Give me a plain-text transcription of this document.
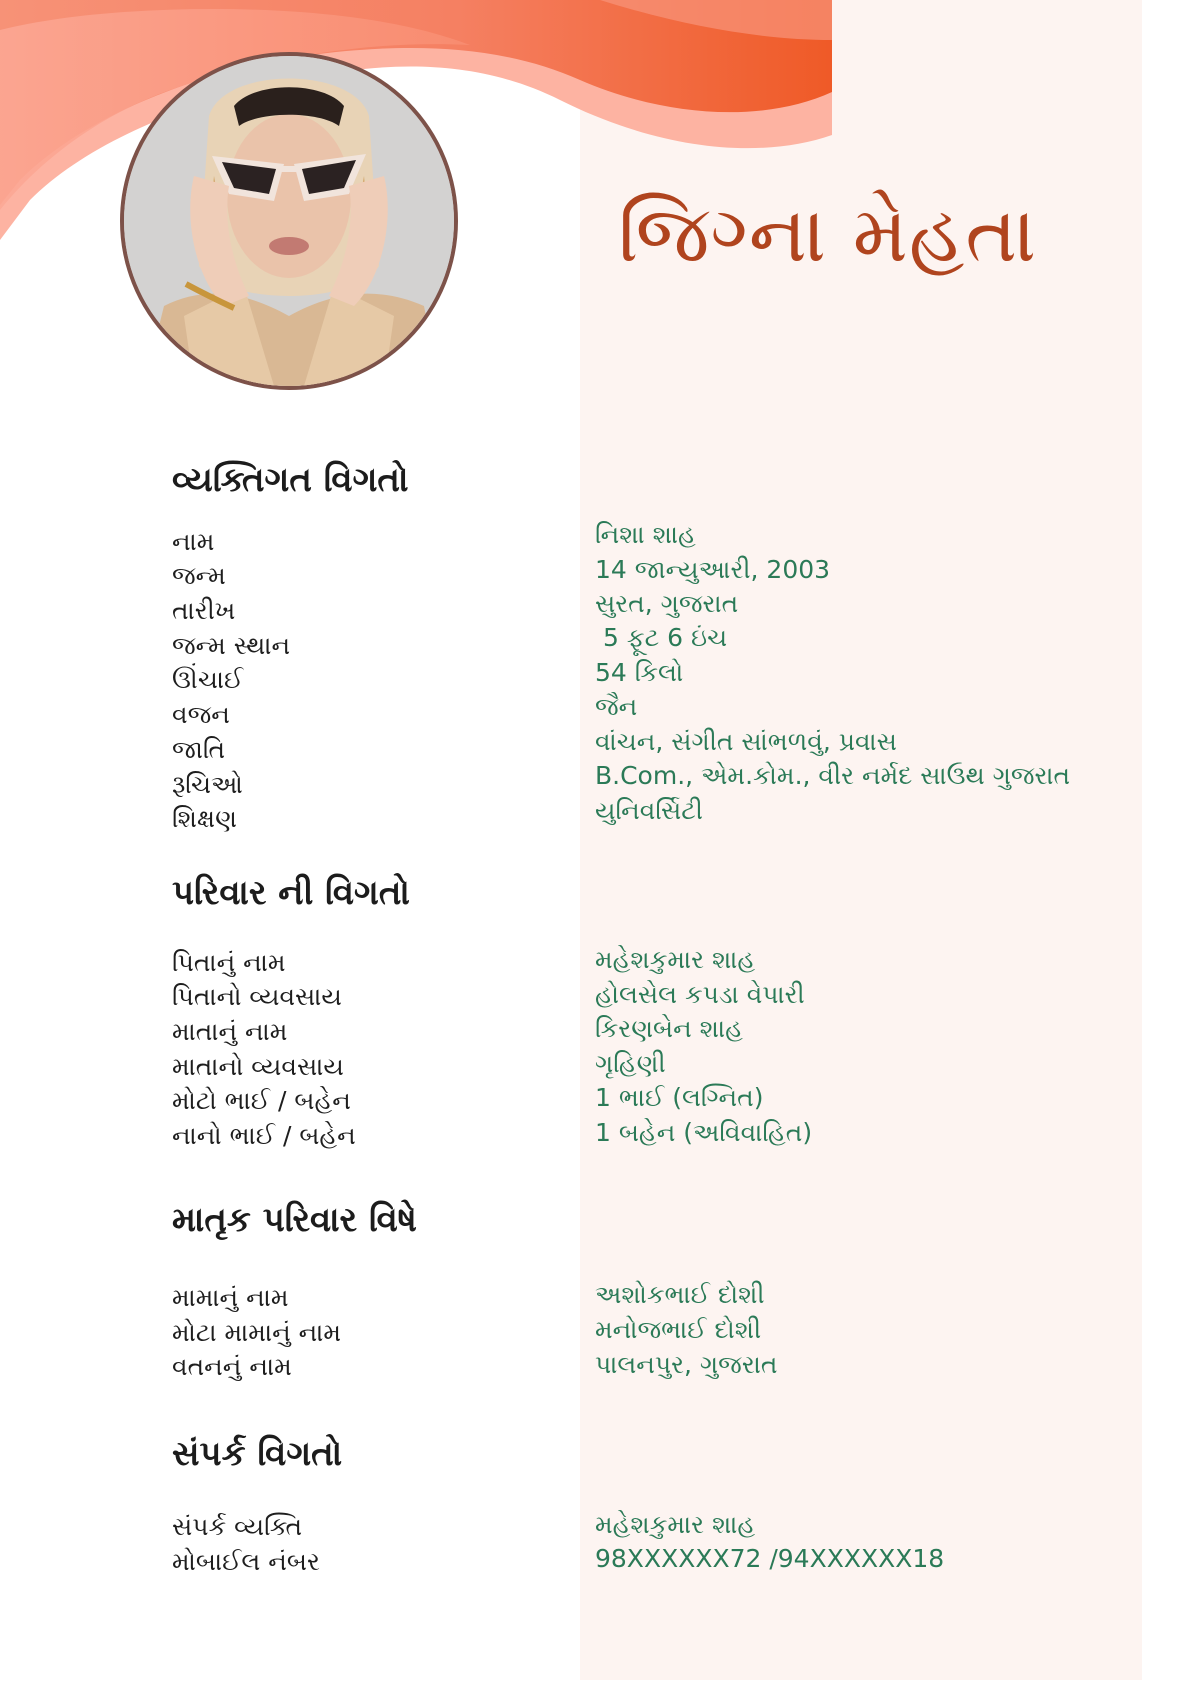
જિગ્ના મેહતા
વ્યક્તિગત વિગતો
નામ
જન્મ
તારીખ
જન્મ સ્થાન
ઊંચાઈ
વજન
જાતિ
રૂચિઓ
શિક્ષણ
નિશા શાહ
14 જાન્યુઆરી, 2003
સુરત, ગુજરાત
5 ફૂટ 6 ઇંચ
54 કિલો
જૈન
વાંચન, સંગીત સાંભળવું, પ્રવાસ
B.Com., એમ.કોમ., વીર નર્મદ સાઉથ ગુજરાત
યુનિવર્સિટી
પરિવાર ની વિગતો
પિતાનું નામ
પિતાનો વ્યવસાય
માતાનું નામ
માતાનો વ્યવસાય
મોટો ભાઈ / બહેન
નાનો ભાઈ / બહેન
મહેશકુમાર શાહ
હોલસેલ કપડા વેપારી
કિરણબેન શાહ
ગૃહિણી
1 ભાઈ (લગ્નિત)
1 બહેન (અવિવાહિત)
માતૃક પરિવાર વિષે
મામાનું નામ
મોટા મામાનું નામ
વતનનું નામ
અશોકભાઈ દોશી
મનોજભાઈ દોશી
પાલનપુર, ગુજરાત
સંપર્ક વિગતો
સંપર્ક વ્યક્તિ
મોબાઈલ નંબર
મહેશકુમાર શાહ
98XXXXXX72 /94XXXXXX18
